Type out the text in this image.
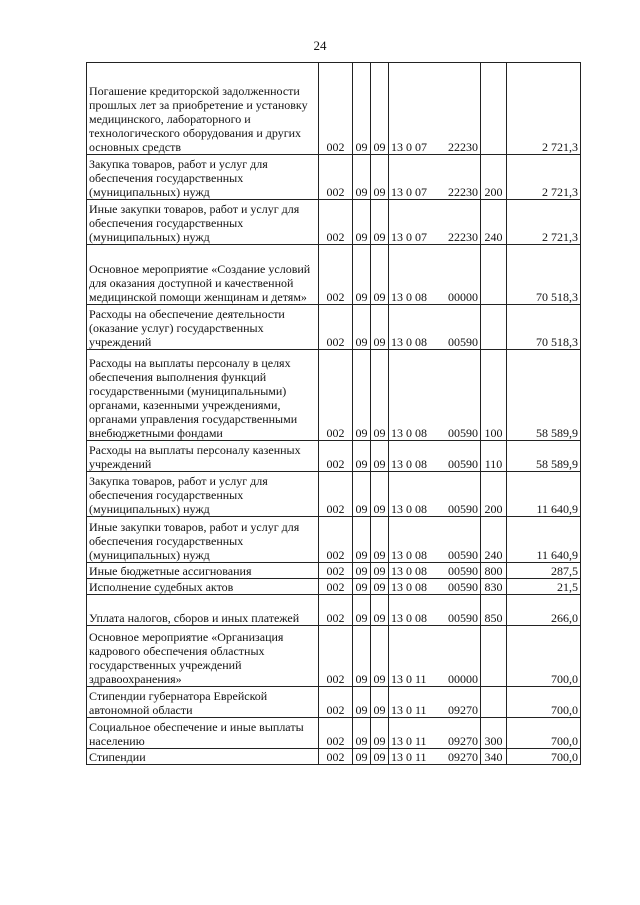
24
Погашение кредиторской задолженности прошлых лет за приобретение и установку медицинского, лабораторного и технологического оборудования и других основных средств	002	09	09	13 0 07 22230		2 721,3

Закупка товаров, работ и услуг для обеспечения государственных (муниципальных) нужд	002	09	09	13 0 07 22230	200	2 721,3

Иные закупки товаров, работ и услуг для обеспечения государственных (муниципальных) нужд	002	09	09	13 0 07 22230	240	2 721,3

Основное мероприятие «Создание условий для оказания доступной и качественной медицинской помощи женщинам и детям»	002	09	09	13 0 08 00000		70 518,3

Расходы на обеспечение деятельности (оказание услуг) государственных учреждений	002	09	09	13 0 08 00590		70 518,3

Расходы на выплаты персоналу в целях обеспечения выполнения функций государственными (муниципальными) органами, казенными учреждениями, органами управления государственными внебюджетными фондами	002	09	09	13 0 08 00590	100	58 589,9

Расходы на выплаты персоналу казенных учреждений	002	09	09	13 0 08 00590	110	58 589,9

Закупка товаров, работ и услуг для обеспечения государственных (муниципальных) нужд	002	09	09	13 0 08 00590	200	11 640,9

Иные закупки товаров, работ и услуг для обеспечения государственных (муниципальных) нужд	002	09	09	13 0 08 00590	240	11 640,9

Иные бюджетные ассигнования	002	09	09	13 0 08 00590	800	287,5

Исполнение судебных актов	002	09	09	13 0 08 00590	830	21,5

Уплата налогов, сборов и иных платежей	002	09	09	13 0 08 00590	850	266,0

Основное мероприятие «Организация кадрового обеспечения областных государственных учреждений здравоохранения»	002	09	09	13 0 11 00000		700,0

Стипендии губернатора Еврейской автономной области	002	09	09	13 0 11 09270		700,0

Социальное обеспечение и иные выплаты населению	002	09	09	13 0 11 09270	300	700,0

Стипендии	002	09	09	13 0 11 09270	340	700,0
